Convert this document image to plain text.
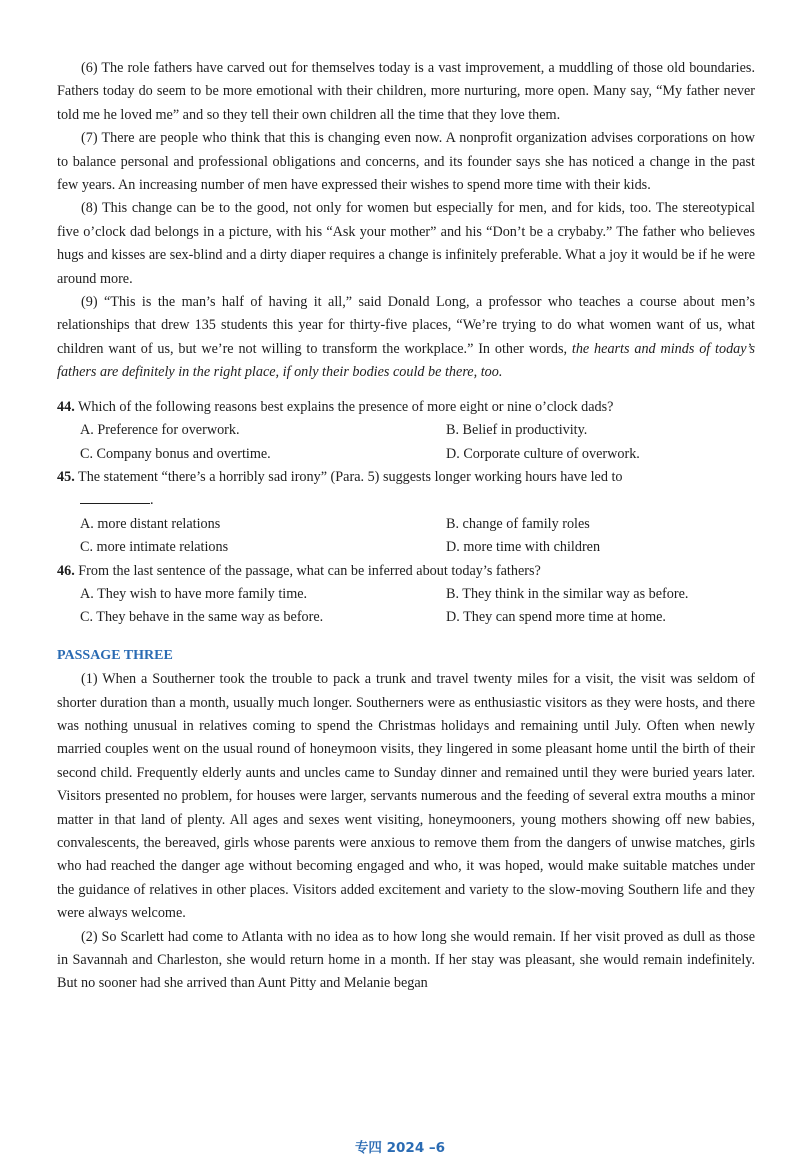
(6) The role fathers have carved out for themselves today is a vast improvement, a muddling of those old boundaries. Fathers today do seem to be more emotional with their children, more nurturing, more open. Many say, “My father never told me he loved me” and so they tell their own children all the time that they love them.

(7) There are people who think that this is changing even now. A nonprofit organization advises corporations on how to balance personal and professional obligations and concerns, and its founder says she has noticed a change in the past few years. An increasing number of men have expressed their wishes to spend more time with their kids.

(8) This change can be to the good, not only for women but especially for men, and for kids, too. The stereotypical five o’clock dad belongs in a picture, with his “Ask your mother” and his “Don’t be a crybaby.” The father who believes hugs and kisses are sex-blind and a dirty diaper requires a change is infinitely preferable. What a joy it would be if he were around more.

(9) “This is the man’s half of having it all,” said Donald Long, a professor who teaches a course about men’s relationships that drew 135 students this year for thirty-five places, “We’re trying to do what women want of us, what children want of us, but we’re not willing to transform the workplace.” In other words, the hearts and minds of today’s fathers are definitely in the right place, if only their bodies could be there, too.

44. Which of the following reasons best explains the presence of more eight or nine o’clock dads?

A. Preference for overwork.	B. Belief in productivity.
C. Company bonus and overtime.	D. Corporate culture of overwork.

45. The statement “there’s a horribly sad irony” (Para. 5) suggests longer working hours have led to

.

A. more distant relations	B. change of family roles
C. more intimate relations	D. more time with children

46. From the last sentence of the passage, what can be inferred about today’s fathers?

A. They wish to have more family time.	B. They think in the similar way as before.
C. They behave in the same way as before.	D. They can spend more time at home.
PASSAGE THREE

(1) When a Southerner took the trouble to pack a trunk and travel twenty miles for a visit, the visit was seldom of shorter duration than a month, usually much longer. Southerners were as enthusiastic visitors as they were hosts, and there was nothing unusual in relatives coming to spend the Christmas holidays and remaining until July. Often when newly married couples went on the usual round of honeymoon visits, they lingered in some pleasant home until the birth of their second child. Frequently elderly aunts and uncles came to Sunday dinner and remained until they were buried years later. Visitors presented no problem, for houses were larger, servants numerous and the feeding of several extra mouths a minor matter in that land of plenty. All ages and sexes went visiting, honeymooners, young mothers showing off new babies, convalescents, the bereaved, girls whose parents were anxious to remove them from the dangers of unwise matches, girls who had reached the danger age without becoming engaged and who, it was hoped, would make suitable matches under the guidance of relatives in other places. Visitors added excitement and variety to the slow-moving Southern life and they were always welcome.

(2) So Scarlett had come to Atlanta with no idea as to how long she would remain. If her visit proved as dull as those in Savannah and Charleston, she would return home in a month. If her stay was pleasant, she would remain indefinitely. But no sooner had she arrived than Aunt Pitty and Melanie began

专四 2024 –6
